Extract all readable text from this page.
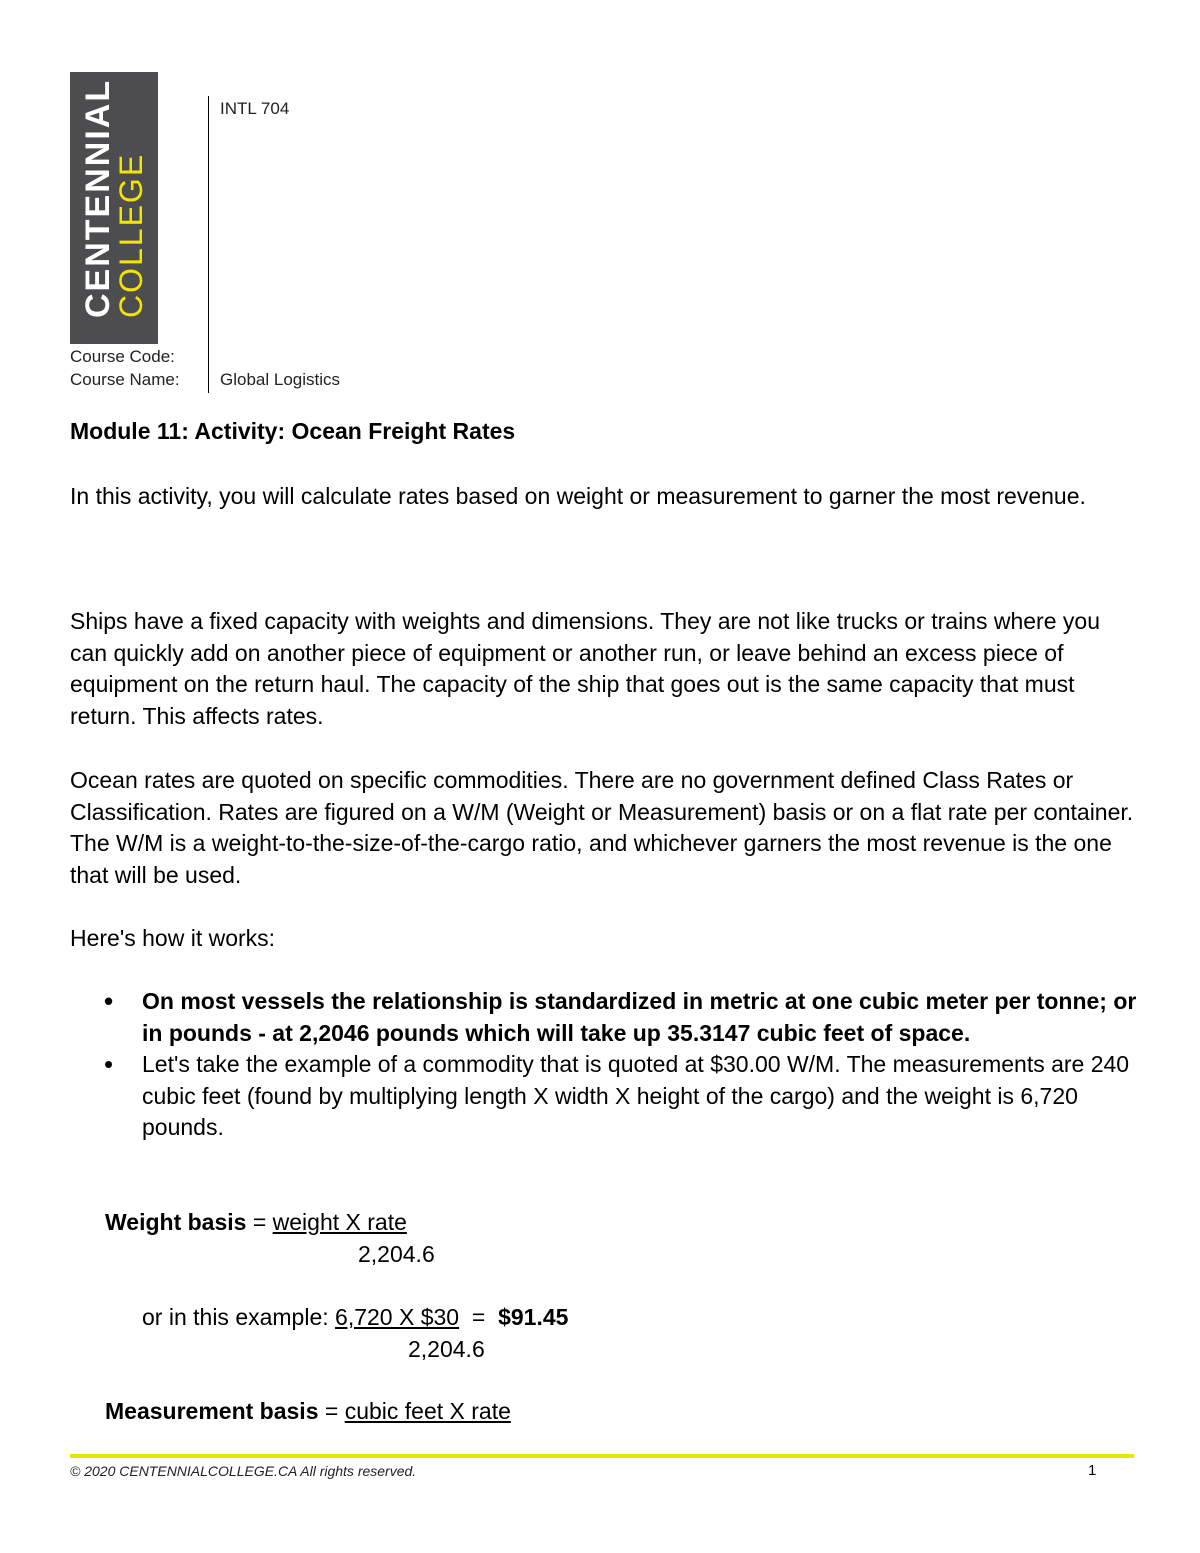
CENTENNIAL
COLLEGE
INTL 704
Course Code:
Course Name: Global Logistics
Module 11: Activity: Ocean Freight Rates
In this activity, you will calculate rates based on weight or measurement to garner the most revenue.
Ships have a fixed capacity with weights and dimensions. They are not like trucks or trains where you can quickly add on another piece of equipment or another run, or leave behind an excess piece of equipment on the return haul. The capacity of the ship that goes out is the same capacity that must return. This affects rates.
Ocean rates are quoted on specific commodities. There are no government defined Class Rates or Classification. Rates are figured on a W/M (Weight or Measurement) basis or on a flat rate per container. The W/M is a weight-to-the-size-of-the-cargo ratio, and whichever garners the most revenue is the one that will be used.
Here's how it works:
• On most vessels the relationship is standardized in metric at one cubic meter per tonne; or in pounds - at 2,2046 pounds which will take up 35.3147 cubic feet of space.
• Let's take the example of a commodity that is quoted at $30.00 W/M. The measurements are 240 cubic feet (found by multiplying length X width X height of the cargo) and the weight is 6,720 pounds.
Weight basis = weight X rate
2,204.6
or in this example: 6,720 X $30 = $91.45
2,204.6
Measurement basis = cubic feet X rate
© 2020 CENTENNIALCOLLEGE.CA All rights reserved.	1
